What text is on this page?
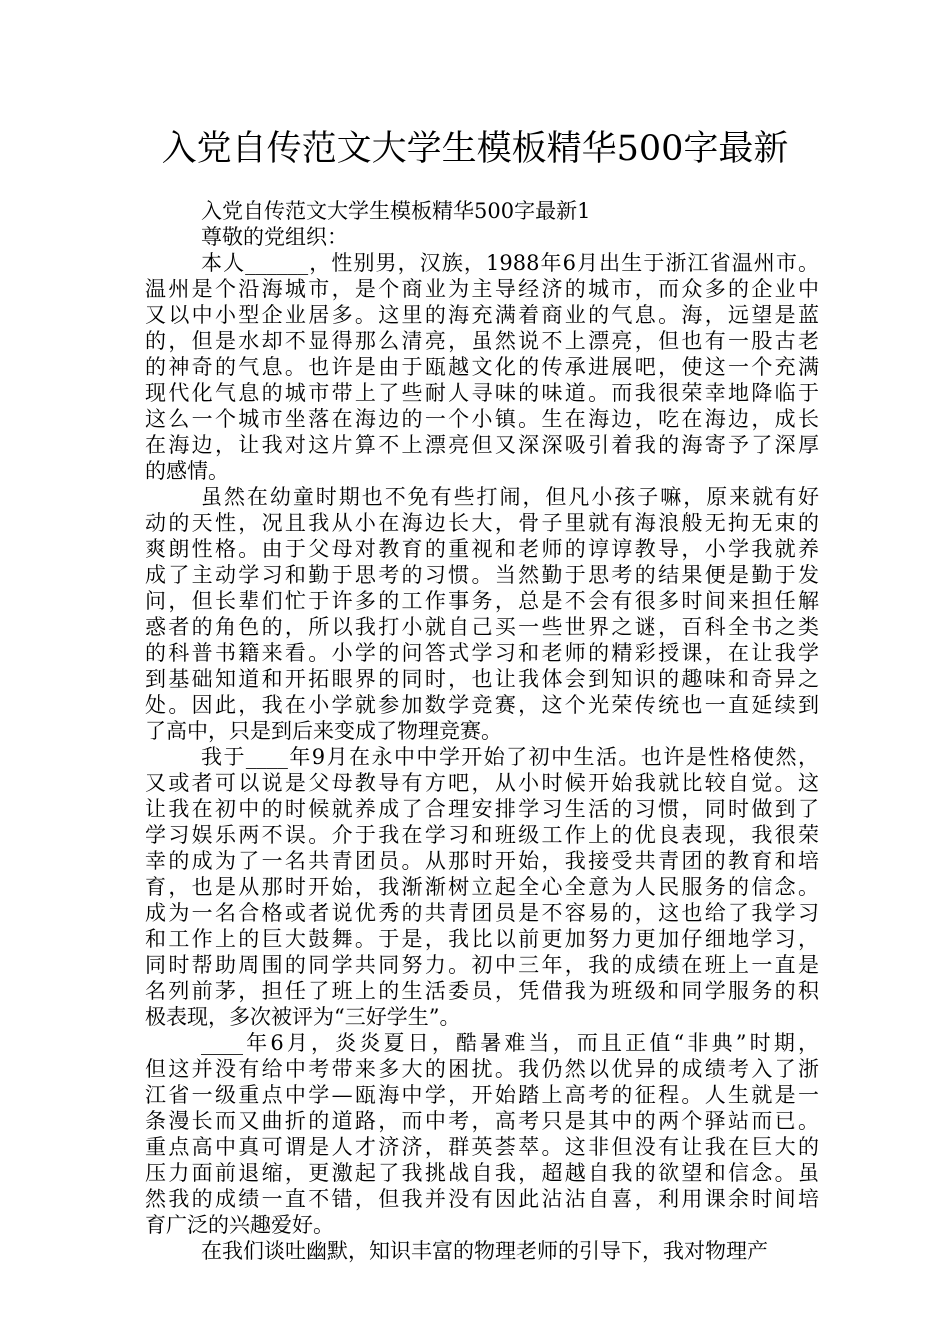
入党自传范文大学生模板精华500字最新
入党自传范文大学生模板精华500字最新1
尊敬的党组织：
本人______，性别男，汉族，1988年6月出生于浙江省温州市。
温州是个沿海城市，是个商业为主导经济的城市，而众多的企业中
又以中小型企业居多。这里的海充满着商业的气息。海，远望是蓝
的，但是水却不显得那么清亮，虽然说不上漂亮，但也有一股古老
的神奇的气息。也许是由于瓯越文化的传承进展吧，使这一个充满
现代化气息的城市带上了些耐人寻味的味道。而我很荣幸地降临于
这么一个城市坐落在海边的一个小镇。生在海边，吃在海边，成长
在海边，让我对这片算不上漂亮但又深深吸引着我的海寄予了深厚
的感情。
虽然在幼童时期也不免有些打闹，但凡小孩子嘛，原来就有好
动的天性，况且我从小在海边长大，骨子里就有海浪般无拘无束的
爽朗性格。由于父母对教育的重视和老师的谆谆教导，小学我就养
成了主动学习和勤于思考的习惯。当然勤于思考的结果便是勤于发
问，但长辈们忙于许多的工作事务，总是不会有很多时间来担任解
惑者的角色的，所以我打小就自己买一些世界之谜，百科全书之类
的科普书籍来看。小学的问答式学习和老师的精彩授课，在让我学
到基础知道和开拓眼界的同时，也让我体会到知识的趣味和奇异之
处。因此，我在小学就参加数学竞赛，这个光荣传统也一直延续到
了高中，只是到后来变成了物理竞赛。
我于____年9月在永中中学开始了初中生活。也许是性格使然，
又或者可以说是父母教导有方吧，从小时候开始我就比较自觉。这
让我在初中的时候就养成了合理安排学习生活的习惯，同时做到了
学习娱乐两不误。介于我在学习和班级工作上的优良表现，我很荣
幸的成为了一名共青团员。从那时开始，我接受共青团的教育和培
育，也是从那时开始，我渐渐树立起全心全意为人民服务的信念。
成为一名合格或者说优秀的共青团员是不容易的，这也给了我学习
和工作上的巨大鼓舞。于是，我比以前更加努力更加仔细地学习，
同时帮助周围的同学共同努力。初中三年，我的成绩在班上一直是
名列前茅，担任了班上的生活委员，凭借我为班级和同学服务的积
极表现，多次被评为“三好学生”。
____年6月，炎炎夏日，酷暑难当，而且正值“非典”时期，
但这并没有给中考带来多大的困扰。我仍然以优异的成绩考入了浙
江省一级重点中学—瓯海中学，开始踏上高考的征程。人生就是一
条漫长而又曲折的道路，而中考，高考只是其中的两个驿站而已。
重点高中真可谓是人才济济，群英荟萃。这非但没有让我在巨大的
压力面前退缩，更激起了我挑战自我，超越自我的欲望和信念。虽
然我的成绩一直不错，但我并没有因此沾沾自喜，利用课余时间培
育广泛的兴趣爱好。
在我们谈吐幽默，知识丰富的物理老师的引导下，我对物理产
